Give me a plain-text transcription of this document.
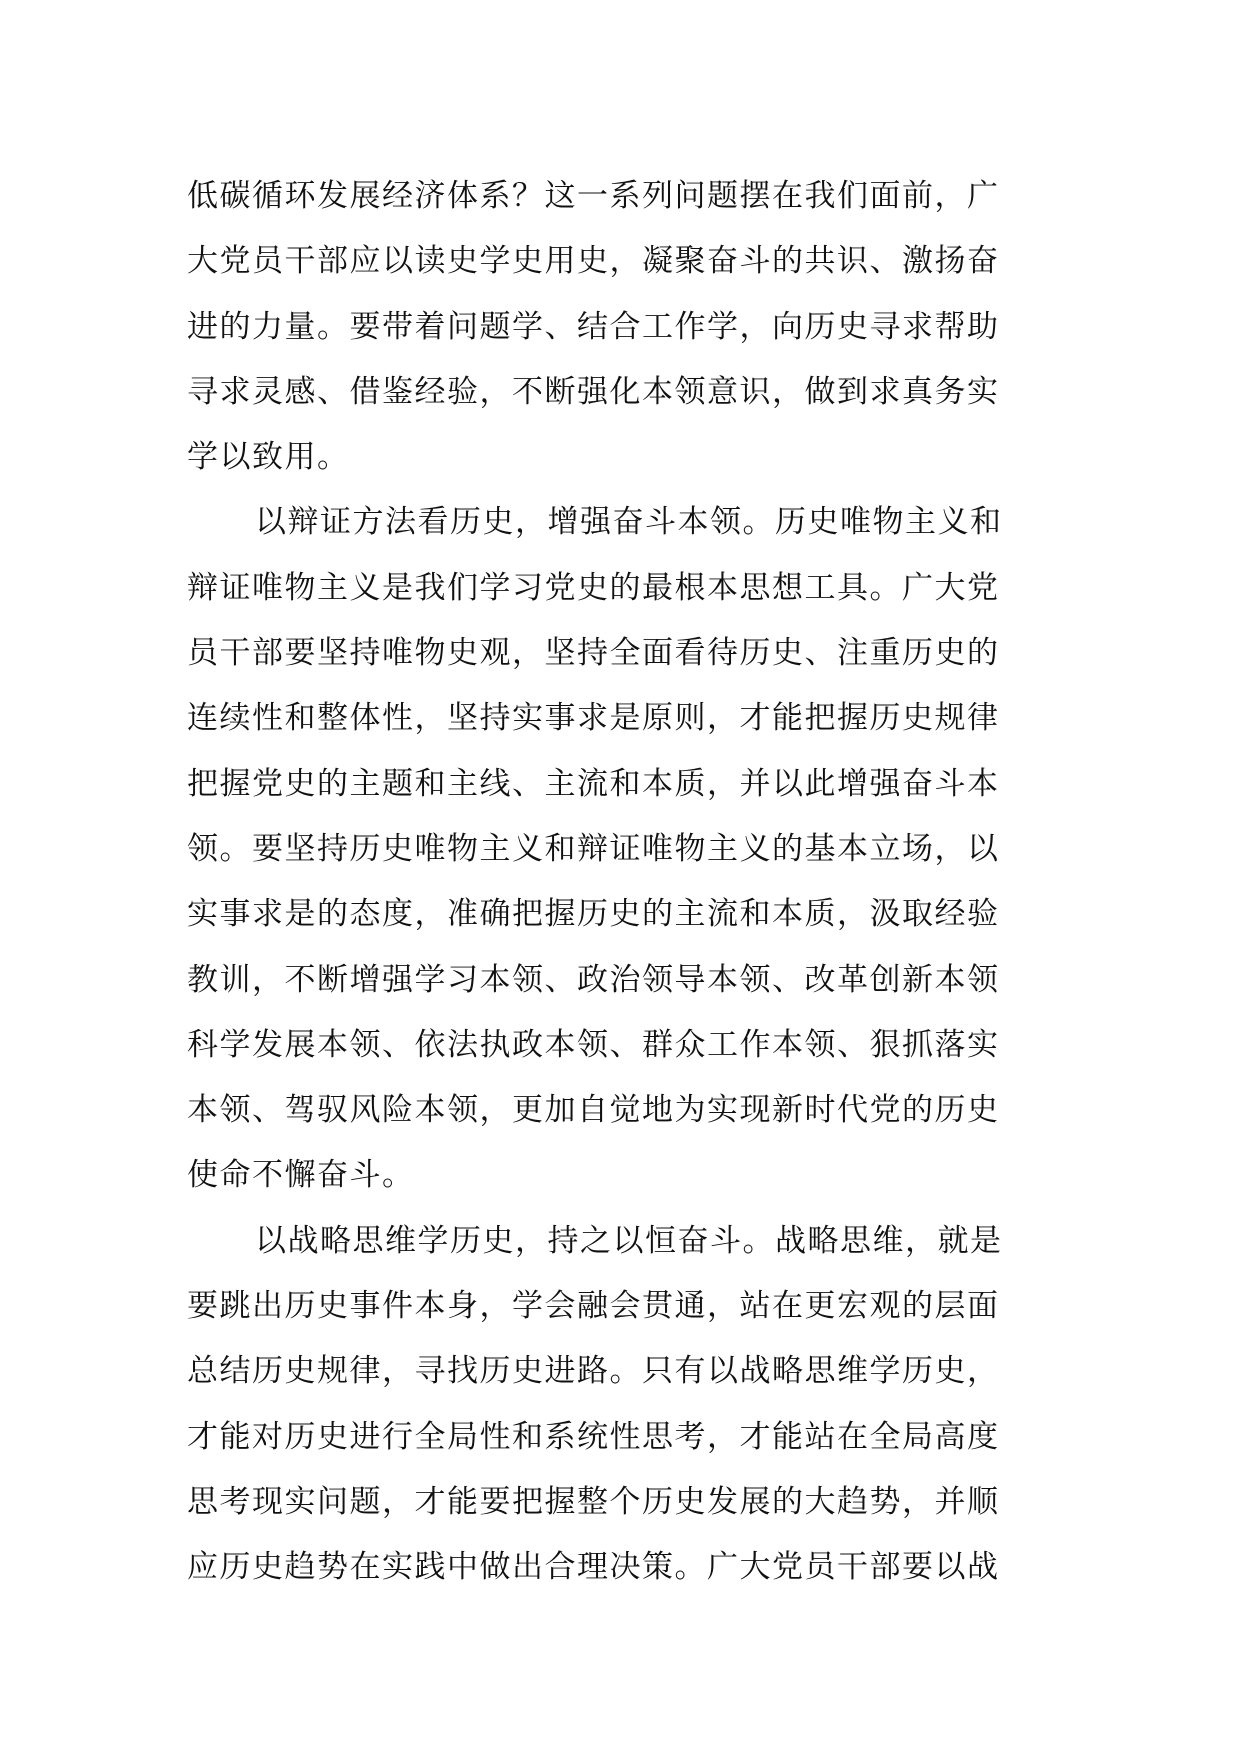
低碳循环发展经济体系？这一系列问题摆在我们面前，广
大党员干部应以读史学史用史，凝聚奋斗的共识、激扬奋
进的力量。要带着问题学、结合工作学，向历史寻求帮助
寻求灵感、借鉴经验，不断强化本领意识，做到求真务实
学以致用。
以辩证方法看历史，增强奋斗本领。历史唯物主义和
辩证唯物主义是我们学习党史的最根本思想工具。广大党
员干部要坚持唯物史观，坚持全面看待历史、注重历史的
连续性和整体性，坚持实事求是原则，才能把握历史规律
把握党史的主题和主线、主流和本质，并以此增强奋斗本
领。要坚持历史唯物主义和辩证唯物主义的基本立场，以
实事求是的态度，准确把握历史的主流和本质，汲取经验
教训，不断增强学习本领、政治领导本领、改革创新本领
科学发展本领、依法执政本领、群众工作本领、狠抓落实
本领、驾驭风险本领，更加自觉地为实现新时代党的历史
使命不懈奋斗。
以战略思维学历史，持之以恒奋斗。战略思维，就是
要跳出历史事件本身，学会融会贯通，站在更宏观的层面
总结历史规律，寻找历史进路。只有以战略思维学历史，
才能对历史进行全局性和系统性思考，才能站在全局高度
思考现实问题，才能要把握整个历史发展的大趋势，并顺
应历史趋势在实践中做出合理决策。广大党员干部要以战
